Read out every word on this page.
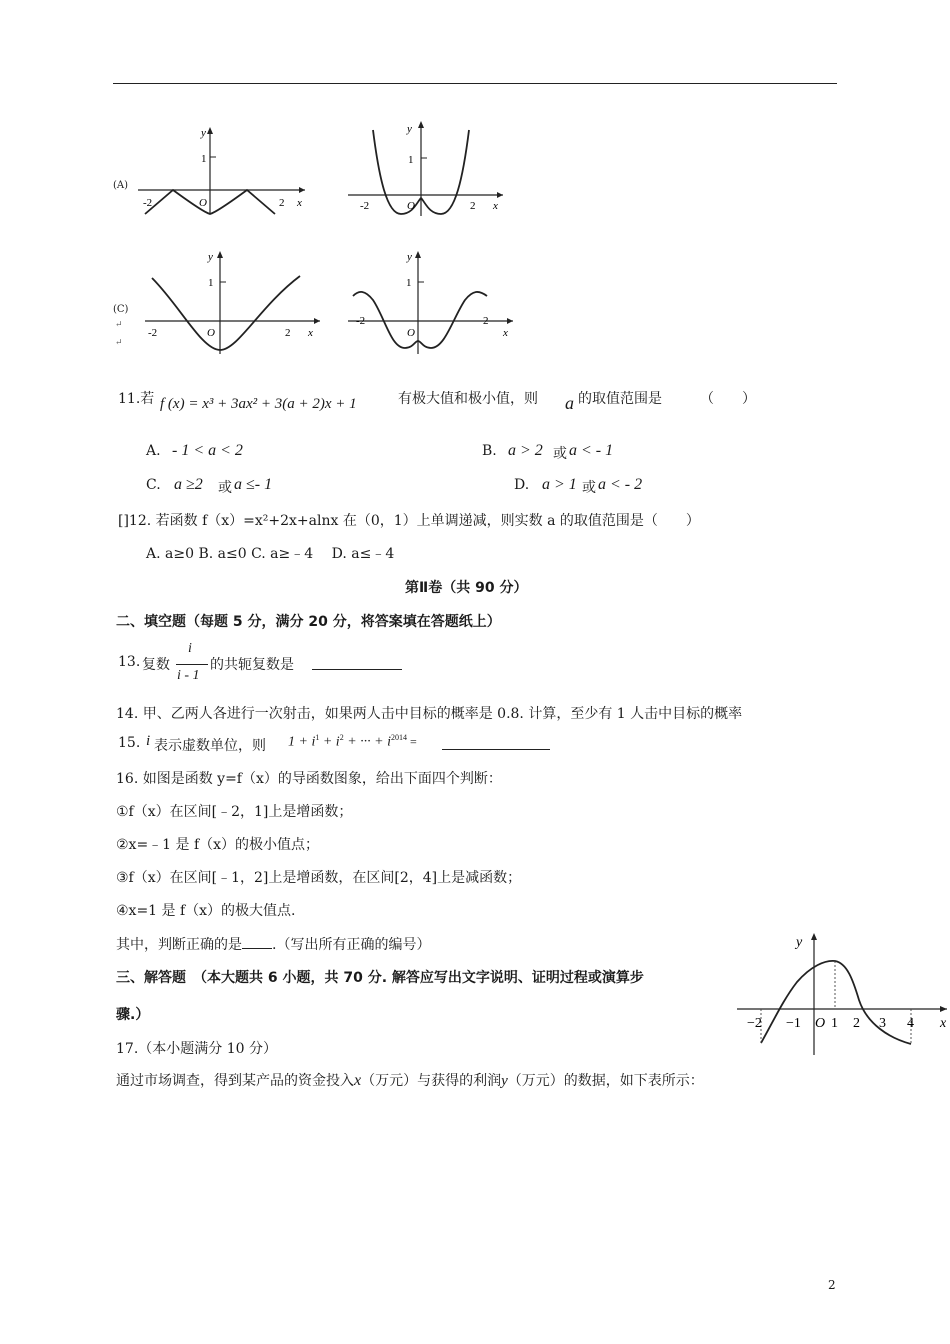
(A)
y
1
-2	O	2 x
y
1
-2	O	2 x
(C)
↵
↵
y
1
-2	O	2 x
y
1
-2
O
2
x
11.若 f (x) = x³ + 3ax² + 3(a + 2)x + 1	有极大值和极小值，则 a 的取值范围是	（　　）
A. - 1 < a < 2	B. a > 2 或 a < - 1
C. a ≥2 或 a ≤- 1	D. a > 1 或 a < - 2
[]12. 若函数 f（x）=x²+2x+alnx 在（0，1）上单调递减，则实数 a 的取值范围是（　　）
A. a≥0 B. a≤0 C. a≥﹣4　 D. a≤﹣4
第Ⅱ卷（共 90 分）
二、填空题（每题 5 分，满分 20 分，将答案填在答题纸上）
13. 复数
i
i - 1
的共轭复数是
14. 甲、乙两人各进行一次射击，如果两人击中目标的概率是 0.8. 计算，至少有 1 人击中目标的概率
15. i 表示虚数单位，则 $1 + i^1 + i^2$ + ··· + $i^{2014}$ =
16. 如图是函数 y=f（x）的导函数图象，给出下面四个判断：
①f（x）在区间[﹣2，1]上是增函数；
②x=﹣1 是 f（x）的极小值点；
③f（x）在区间[﹣1，2]上是增函数，在区间[2，4]上是减函数；
④x=1 是 f（x）的极大值点.
其中，判断正确的是 .（写出所有正确的编号）	y
−2 −1 O 1 2 3 4 x
三、解答题　（本大题共 6 小题，共 70 分. 解答应写出文字说明、证明过程或演算步
骤.）
17.（本小题满分 10 分）
通过市场调查，得到某产品的资金投入x（万元）与获得的利润y（万元）的数据，如下表所示：
2
